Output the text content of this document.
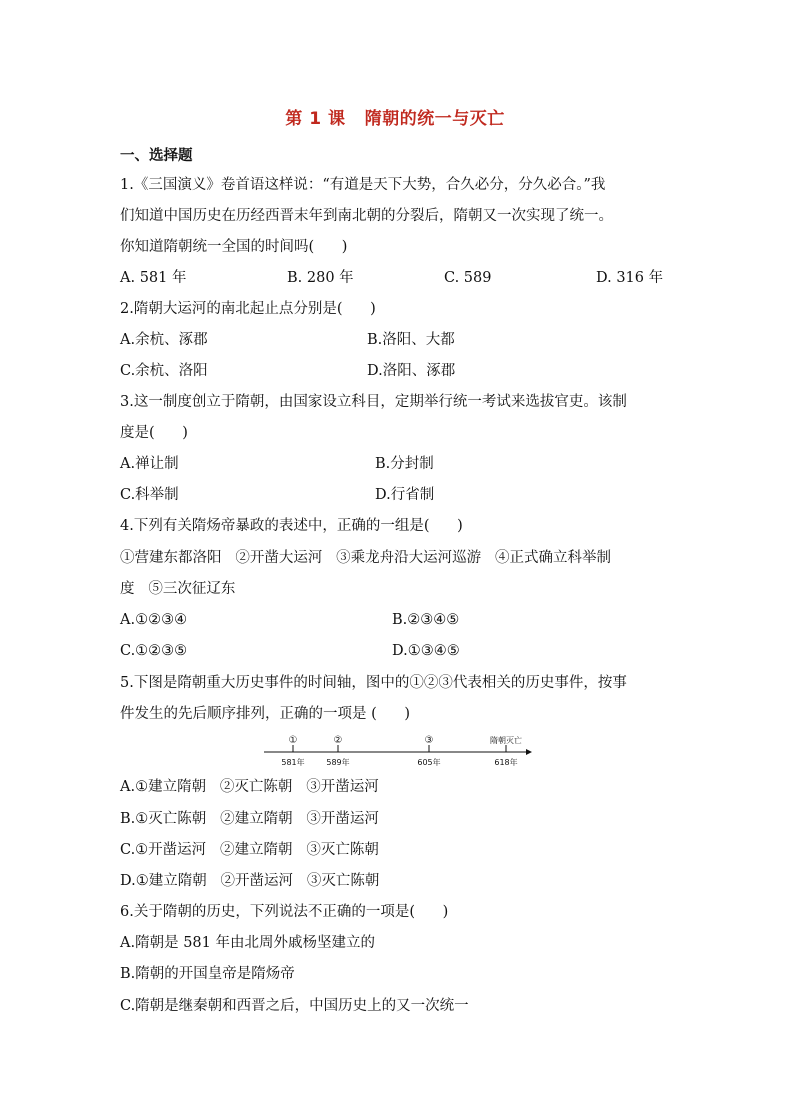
第 1 课   隋朝的统一与灭亡
一、选择题
1.《三国演义》卷首语这样说：“有道是天下大势，合久必分，分久必合。”我
们知道中国历史在历经西晋末年到南北朝的分裂后，隋朝又一次实现了统一。
你知道隋朝统一全国的时间吗(      )
A. 581 年	B. 280 年	C. 589	D. 316 年
2.隋朝大运河的南北起止点分别是(      )
A.余杭、涿郡	B.洛阳、大都
C.余杭、洛阳	D.洛阳、涿郡
3.这一制度创立于隋朝，由国家设立科目，定期举行统一考试来选拔官吏。该制
度是(      )
A.禅让制	B.分封制
C.科举制	D.行省制
4.下列有关隋炀帝暴政的表述中，正确的一组是(      )
①营建东都洛阳   ②开凿大运河   ③乘龙舟沿大运河巡游   ④正式确立科举制
度   ⑤三次征辽东
A.①②③④	B.②③④⑤
C.①②③⑤	D.①③④⑤
5.下图是隋朝重大历史事件的时间轴，图中的①②③代表相关的历史事件，按事
件发生的先后顺序排列，正确的一项是 (      )
①	②	③	隋朝灭亡
581年	589年	605年	618年
A.①建立隋朝   ②灭亡陈朝   ③开凿运河
B.①灭亡陈朝   ②建立隋朝   ③开凿运河
C.①开凿运河   ②建立隋朝   ③灭亡陈朝
D.①建立隋朝   ②开凿运河   ③灭亡陈朝
6.关于隋朝的历史，下列说法不正确的一项是(      )
A.隋朝是 581 年由北周外戚杨坚建立的
B.隋朝的开国皇帝是隋炀帝
C.隋朝是继秦朝和西晋之后，中国历史上的又一次统一
